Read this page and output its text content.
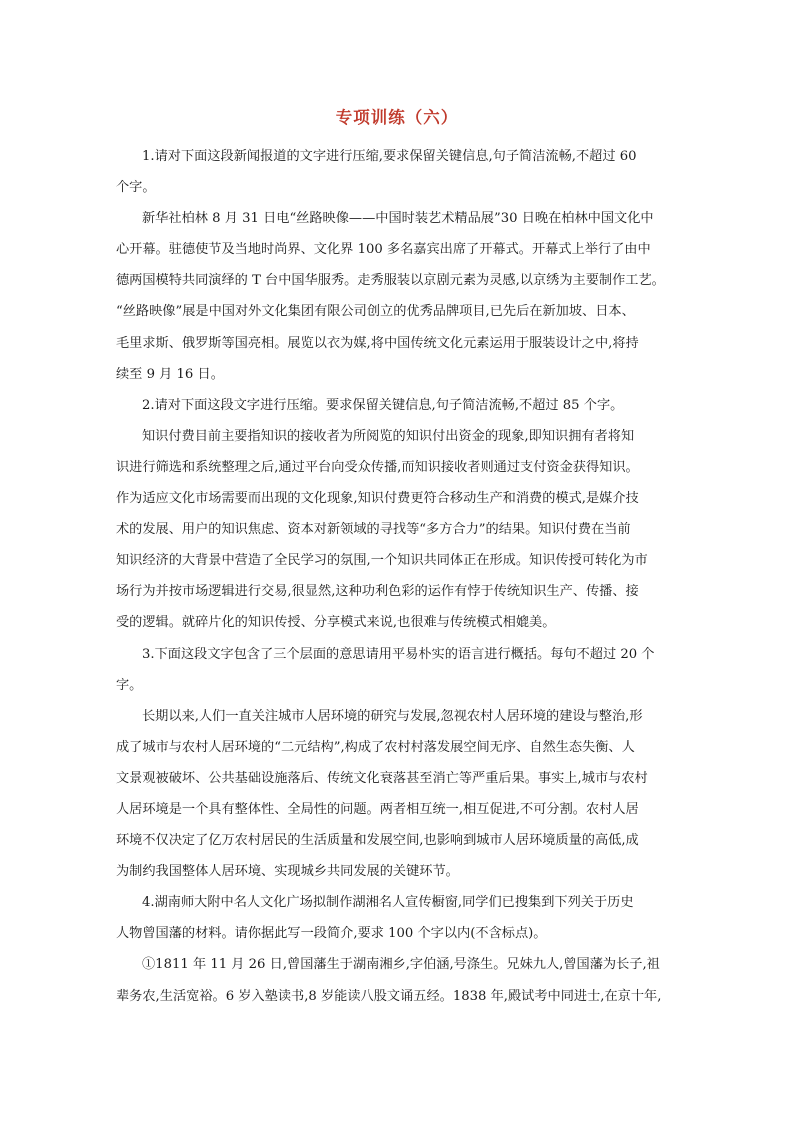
专项训练（六）
1.请对下面这段新闻报道的文字进行压缩,要求保留关键信息,句子简洁流畅,不超过 60
个字。
新华社柏林 8 月 31 日电“丝路映像——中国时装艺术精品展”30 日晚在柏林中国文化中
心开幕。驻德使节及当地时尚界、文化界 100 多名嘉宾出席了开幕式。开幕式上举行了由中
德两国模特共同演绎的 T 台中国华服秀。走秀服装以京剧元素为灵感,以京绣为主要制作工艺。
“丝路映像”展是中国对外文化集团有限公司创立的优秀品牌项目,已先后在新加坡、日本、
毛里求斯、俄罗斯等国亮相。展览以衣为媒,将中国传统文化元素运用于服装设计之中,将持
续至 9 月 16 日。
2.请对下面这段文字进行压缩。要求保留关键信息,句子简洁流畅,不超过 85 个字。
知识付费目前主要指知识的接收者为所阅览的知识付出资金的现象,即知识拥有者将知
识进行筛选和系统整理之后,通过平台向受众传播,而知识接收者则通过支付资金获得知识。
作为适应文化市场需要而出现的文化现象,知识付费更符合移动生产和消费的模式,是媒介技
术的发展、用户的知识焦虑、资本对新领域的寻找等“多方合力”的结果。知识付费在当前
知识经济的大背景中营造了全民学习的氛围,一个知识共同体正在形成。知识传授可转化为市
场行为并按市场逻辑进行交易,很显然,这种功利色彩的运作有悖于传统知识生产、传播、接
受的逻辑。就碎片化的知识传授、分享模式来说,也很难与传统模式相媲美。
3.下面这段文字包含了三个层面的意思请用平易朴实的语言进行概括。每句不超过 20 个
字。
长期以来,人们一直关注城市人居环境的研究与发展,忽视农村人居环境的建设与整治,形
成了城市与农村人居环境的“二元结构”,构成了农村村落发展空间无序、自然生态失衡、人
文景观被破坏、公共基础设施落后、传统文化衰落甚至消亡等严重后果。事实上,城市与农村
人居环境是一个具有整体性、全局性的问题。两者相互统一,相互促进,不可分割。农村人居
环境不仅决定了亿万农村居民的生活质量和发展空间,也影响到城市人居环境质量的高低,成
为制约我国整体人居环境、实现城乡共同发展的关键环节。
4.湖南师大附中名人文化广场拟制作湖湘名人宣传橱窗,同学们已搜集到下列关于历史
人物曾国藩的材料。请你据此写一段简介,要求 100 个字以内(不含标点)。
①1811 年 11 月 26 日,曾国藩生于湖南湘乡,字伯涵,号涤生。兄妹九人,曾国藩为长子,祖
辈务农,生活宽裕。6 岁入塾读书,8 岁能读八股文诵五经。1838 年,殿试考中同进士,在京十年,
